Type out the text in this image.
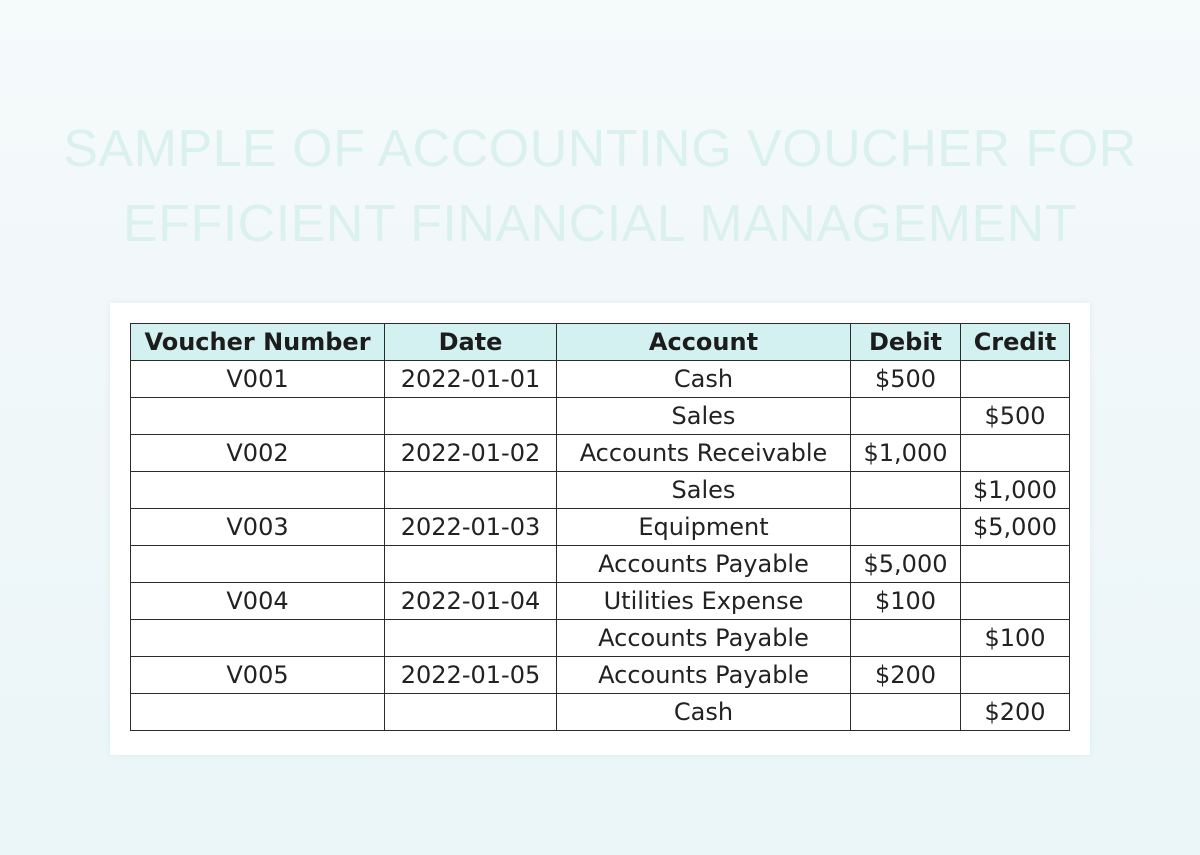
SAMPLE OF ACCOUNTING VOUCHER FOR
EFFICIENT FINANCIAL MANAGEMENT
Voucher Number	Date	Account	Debit	Credit
V001	2022-01-01	Cash	$500	
		Sales		$500
V002	2022-01-02	Accounts Receivable	$1,000	
		Sales		$1,000
V003	2022-01-03	Equipment		$5,000
		Accounts Payable	$5,000	
V004	2022-01-04	Utilities Expense	$100	
		Accounts Payable		$100
V005	2022-01-05	Accounts Payable	$200	
		Cash		$200
